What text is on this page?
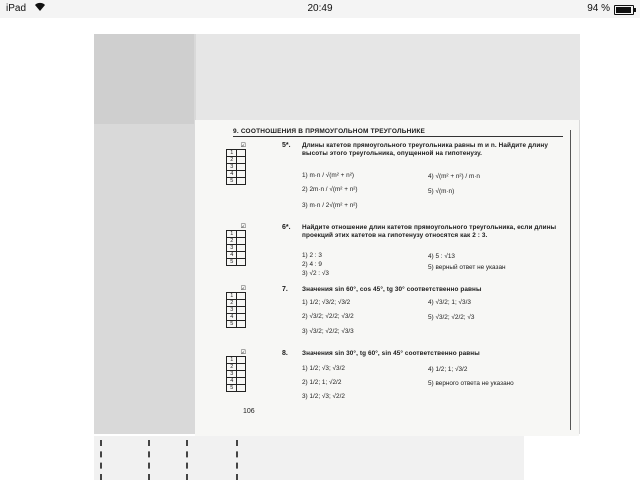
iPad	20:49	94 %
9. СООТНОШЕНИЯ В ПРЯМОУГОЛЬНОМ ТРЕУГОЛЬНИКЕ
☑
1
2
3
4
5
5*. Длины катетов прямоугольного треугольника равны m и n. Найдите длину высоты этого треугольника, опущенной на гипотенузу.
1) m·n / √(m² + n²)
2) 2m·n / √(m² + n²)
3) m·n / 2√(m² + n²)
4) √(m² + n²) / m·n
5) √(m·n)
☑
1
2
3
4
5
6*. Найдите отношение длин катетов прямоугольного треугольника, если длины проекций этих катетов на гипотенузу относятся как 2 : 3.
1) 2 : 3
2) 4 : 9
3) √2 : √3
4) 5 : √13
5) верный ответ не указан
☑
1
2
3
4
5
7. Значения sin 60°, cos 45°, tg 30° соответственно равны
1) 1/2; √3/2; √3/2
2) √3/2; √2/2; √3/2
3) √3/2; √2/2; √3/3
4) √3/2; 1; √3/3
5) √3/2; √2/2; √3
☑
1
2
3
4
5
8. Значения sin 30°, tg 60°, sin 45° соответственно равны
1) 1/2; √3; √3/2
2) 1/2; 1; √2/2
3) 1/2; √3; √2/2
4) 1/2; 1; √3/2
5) верного ответа не указано
106
